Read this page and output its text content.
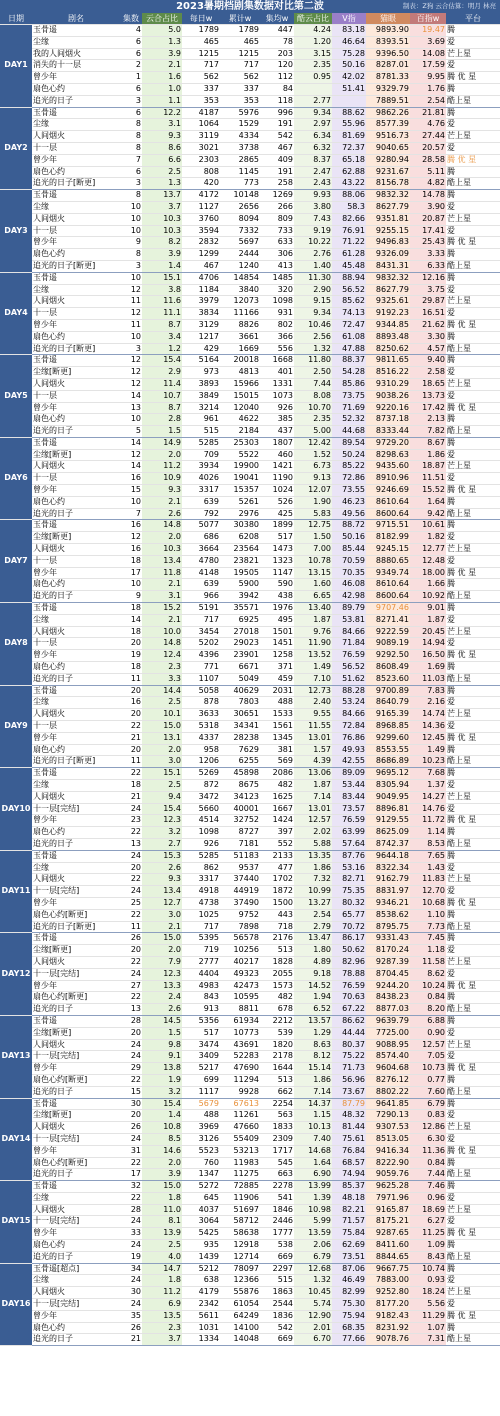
2023暑期档剧集数据对比第二波	制表：Z狗 云合估算：明月 林亮
日期	剧名	集数	云合占比	每日w	累计w	集均w	酷云占比	V指	猫眼	百指w	平台
DAY1	玉骨遥	4	5.0	1789	1789	447	4.24	83.18	9893.90	19.47	腾
	尘缘	6	1.3	465	465	78	1.20	46.64	8393.51	3.69	爱
	我的人间烟火	6	3.9	1215	1215	203	3.15	75.28	9396.50	14.08	芒上星
	消失的十一层	2	2.1	717	717	120	2.35	50.16	8287.01	17.59	爱
	曾少年	1	1.6	562	562	112	0.95	42.02	8781.33	9.95	腾 优 星
	扇色心约	6	1.0	337	337	84		51.41	9329.79	1.76	腾
	追光的日子	3	1.1	353	353	118	2.77		7889.51	2.54	酷上星
DAY2	玉骨遥	6	12.2	4187	5976	996	9.34	88.62	9862.26	21.81	腾
	尘缘	8	3.1	1064	1529	191	2.97	55.96	8577.39	4.76	爱
	人间烟火	8	9.3	3119	4334	542	6.34	81.69	9516.73	27.44	芒上星
	十一层	8	8.6	3021	3738	467	6.32	72.37	9040.65	20.57	爱
	曾少年	7	6.6	2303	2865	409	8.37	65.18	9280.94	28.58	腾 优 星
	扇色心约	6	2.5	808	1145	191	2.47	62.88	9231.67	5.11	腾
	追光的日子[断更]	3	1.3	420	773	258	2.43	43.22	8156.78	4.82	酷上星
DAY3	玉骨遥	8	13.7	4172	10148	1269	9.93	88.06	9832.32	14.78	腾
	尘缘	10	3.7	1127	2656	266	3.80	58.3	8627.79	3.90	爱
	人间烟火	10	10.3	3760	8094	809	7.43	82.66	9351.81	20.87	芒上星
	十一层	10	10.3	3594	7332	733	9.19	76.91	9255.15	17.41	爱
	曾少年	9	8.2	2832	5697	633	10.22	71.22	9496.83	25.43	腾 优 星
	扇色心约	8	3.9	1299	2444	306	2.76	61.28	9326.09	3.33	腾
	追光的日子[断更]	3	1.4	467	1240	413	1.40	45.48	8431.31	6.33	酷上星
DAY4	玉骨遥	10	15.1	4706	14854	1485	11.30	88.94	9832.32	12.16	腾
	尘缘	12	3.8	1184	3840	320	2.90	56.52	8627.79	3.75	爱
	人间烟火	11	11.6	3979	12073	1098	9.15	85.62	9325.61	29.87	芒上星
	十一层	12	11.1	3834	11166	931	9.34	74.13	9192.23	16.51	爱
	曾少年	11	8.7	3129	8826	802	10.46	72.47	9344.85	21.62	腾 优 星
	扇色心约	10	3.4	1217	3661	366	2.56	61.08	8893.48	3.30	腾
	追光的日子[断更]	3	1.2	429	1669	556	1.32	47.88	8250.62	4.57	酷上星
DAY5	玉骨遥	12	15.4	5164	20018	1668	11.80	88.37	9811.65	9.40	腾
	尘缘[断更]	12	2.9	973	4813	401	2.50	54.28	8516.22	2.58	爱
	人间烟火	12	11.4	3893	15966	1331	7.44	85.86	9310.29	18.65	芒上星
	十一层	14	10.7	3849	15015	1073	8.08	73.75	9038.26	13.73	爱
	曾少年	13	8.7	3214	12040	926	10.70	71.69	9220.16	17.42	腾 优 星
	扇色心约	10	2.8	961	4622	385	2.35	52.32	8737.18	2.13	腾
	追光的日子	5	1.5	515	2184	437	5.00	44.68	8333.44	7.82	酷上星
DAY6	玉骨遥	14	14.9	5285	25303	1807	12.42	89.54	9729.20	8.67	腾
	尘缘[断更]	12	2.0	709	5522	460	1.52	50.24	8298.63	1.86	爱
	人间烟火	14	11.2	3934	19900	1421	6.73	85.22	9435.60	18.87	芒上星
	十一层	16	10.9	4026	19041	1190	9.13	72.86	8910.96	11.51	爱
	曾少年	15	9.3	3317	15357	1024	12.07	73.55	9246.69	15.52	腾 优 星
	扇色心约	10	2.1	639	5261	526	1.90	46.23	8610.64	1.64	腾
	追光的日子	7	2.6	792	2976	425	5.83	49.56	8600.64	9.42	酷上星
DAY7	玉骨遥	16	14.8	5077	30380	1899	12.75	88.72	9715.51	10.61	腾
	尘缘[断更]	12	2.0	686	6208	517	1.50	50.16	8182.99	1.82	爱
	人间烟火	16	10.3	3664	23564	1473	7.00	85.44	9245.15	12.77	芒上星
	十一层	18	13.4	4780	23821	1323	10.78	70.59	8880.65	12.48	爱
	曾少年	17	11.8	4148	19505	1147	13.15	70.35	9349.74	18.00	腾 优 星
	扇色心约	10	2.1	639	5900	590	1.60	46.08	8610.64	1.66	腾
	追光的日子	9	3.1	966	3942	438	6.65	42.98	8600.64	10.92	酷上星
DAY8	玉骨遥	18	15.2	5191	35571	1976	13.40	89.79	9707.46	9.01	腾
	尘缘	14	2.1	717	6925	495	1.87	53.81	8271.41	1.87	爱
	人间烟火	18	10.0	3454	27018	1501	9.76	84.66	9222.59	20.45	芒上星
	十一层	20	14.8	5202	29023	1451	11.90	71.84	9089.19	14.94	爱
	曾少年	19	12.4	4396	23901	1258	13.52	76.59	9292.50	16.50	腾 优 星
	扇色心约	18	2.3	771	6671	371	1.49	56.52	8608.49	1.69	腾
	追光的日子	11	3.3	1107	5049	459	7.10	51.62	8523.60	11.03	酷上星
DAY9	玉骨遥	20	14.4	5058	40629	2031	12.73	88.28	9700.89	7.83	腾
	尘缘	16	2.5	878	7803	488	2.40	53.24	8640.79	2.16	爱
	人间烟火	20	10.1	3633	30651	1533	9.55	84.66	9165.39	14.74	芒上星
	十一层	22	15.0	5318	34341	1561	11.55	72.84	8968.85	14.36	爱
	曾少年	21	13.1	4337	28238	1345	13.01	76.86	9299.60	12.45	腾 优 星
	扇色心约	20	2.0	958	7629	381	1.57	49.93	8553.55	1.49	腾
	追光的日子[断更]	11	3.0	1206	6255	569	4.39	42.55	8686.89	10.23	酷上星
DAY10	玉骨遥	22	15.1	5269	45898	2086	13.06	89.09	9695.12	7.68	腾
	尘缘	18	2.5	872	8675	482	1.87	53.44	8305.94	1.37	爱
	人间烟火	21	9.4	3472	34123	1625	7.14	83.44	9049.95	14.27	芒上星
	十一层[完结]	24	15.4	5660	40001	1667	13.01	73.57	8896.81	14.76	爱
	曾少年	23	12.3	4514	32752	1424	12.57	76.59	9129.55	11.72	腾 优 星
	扇色心约	22	3.2	1098	8727	397	2.02	63.99	8625.09	1.14	腾
	追光的日子	13	2.7	926	7181	552	5.88	57.64	8742.37	8.53	酷上星
DAY11	玉骨遥	24	15.3	5285	51183	2133	13.35	87.76	9644.18	7.65	腾
	尘缘	20	2.6	862	9537	477	1.86	53.16	8322.34	1.43	爱
	人间烟火	22	9.3	3317	37440	1702	7.32	82.71	9162.79	11.83	芒上星
	十一层[完结]	24	13.4	4918	44919	1872	10.99	75.35	8831.97	12.70	爱
	曾少年	25	12.7	4738	37490	1500	13.27	80.32	9346.21	10.68	腾 优 星
	扇色心约[断更]	22	3.0	1025	9752	443	2.54	65.77	8538.62	1.10	腾
	追光的日子[断更]	11	2.1	717	7898	718	2.79	70.72	8795.75	7.73	酷上星
DAY12	玉骨遥	26	15.0	5395	56578	2176	13.47	86.17	9331.43	7.45	腾
	尘缘[断更]	20	2.0	719	10256	513	1.80	50.62	8170.24	1.18	爱
	人间烟火	22	7.9	2777	40217	1828	4.89	82.96	9287.39	11.58	芒上星
	十一层[完结]	24	12.3	4404	49323	2055	9.18	78.88	8704.45	8.62	爱
	曾少年	27	13.3	4983	42473	1573	14.52	76.59	9244.20	10.24	腾 优 星
	扇色心约[断更]	22	2.4	843	10595	482	1.94	70.63	8438.23	0.84	腾
	追光的日子	13	2.6	913	8811	678	6.52	67.22	8877.03	8.20	酷上星
DAY13	玉骨遥	28	14.5	5356	61934	2212	13.57	86.62	9639.79	6.88	腾
	尘缘[断更]	20	1.5	517	10773	539	1.29	44.44	7725.00	0.90	爱
	人间烟火	24	9.8	3474	43691	1820	8.63	80.37	9088.95	12.57	芒上星
	十一层[完结]	24	9.1	3409	52283	2178	8.12	75.22	8574.40	7.05	爱
	曾少年	29	13.8	5217	47690	1644	15.14	71.73	9604.68	10.73	腾 优 星
	扇色心约[断更]	22	1.9	699	11294	513	1.86	56.96	8276.12	0.77	腾
	追光的日子	15	3.2	1117	9928	662	7.14	73.67	8802.22	7.60	酷上星
DAY14	玉骨遥	30	15.4	5679	67613	2254	14.37	87.79	9641.85	6.79	腾
	尘缘[断更]	20	1.4	488	11261	563	1.15	48.32	7290.13	0.83	爱
	人间烟火	26	10.8	3969	47660	1833	10.13	81.44	9307.53	12.86	芒上星
	十一层[完结]	24	8.5	3126	55409	2309	7.40	75.61	8513.05	6.30	爱
	曾少年	31	14.6	5523	53213	1717	14.68	76.84	9416.34	11.36	腾 优 星
	扇色心约[断更]	22	2.0	760	11983	545	1.64	68.57	8222.90	0.84	腾
	追光的日子	17	3.9	1347	11275	663	6.90	74.94	9059.76	7.44	酷上星
DAY15	玉骨遥	32	15.0	5272	72885	2278	13.99	85.37	9625.28	7.46	腾
	尘缘	22	1.8	645	11906	541	1.39	48.18	7971.96	0.96	爱
	人间烟火	28	11.0	4037	51697	1846	10.98	82.21	9165.87	18.69	芒上星
	十一层[完结]	24	8.1	3064	58712	2446	5.99	71.57	8175.21	6.27	爱
	曾少年	33	13.9	5425	58638	1777	13.59	75.84	9287.65	11.25	腾 优 星
	扇色心约	24	2.5	935	12918	538	2.06	62.69	8411.60	1.09	腾
	追光的日子	19	4.0	1439	12714	669	6.79	73.51	8844.65	8.43	酷上星
DAY16	玉骨遥[超点]	34	14.7	5212	78097	2297	12.68	87.06	9667.75	10.74	腾
	尘缘	24	1.8	638	12366	515	1.32	46.49	7883.00	0.93	爱
	人间烟火	30	11.2	4179	55876	1863	10.45	82.99	9252.80	18.24	芒上星
	十一层[完结]	24	6.9	2342	61054	2544	5.74	75.30	8177.20	5.56	爱
	曾少年	35	13.5	5611	64249	1836	12.90	75.94	9182.43	11.29	腾 优 星
	扇色心约	26	2.3	1031	14100	542	2.01	68.35	8231.92	1.07	腾
	追光的日子	21	3.7	1334	14048	669	6.70	77.66	9078.76	7.31	酷上星
